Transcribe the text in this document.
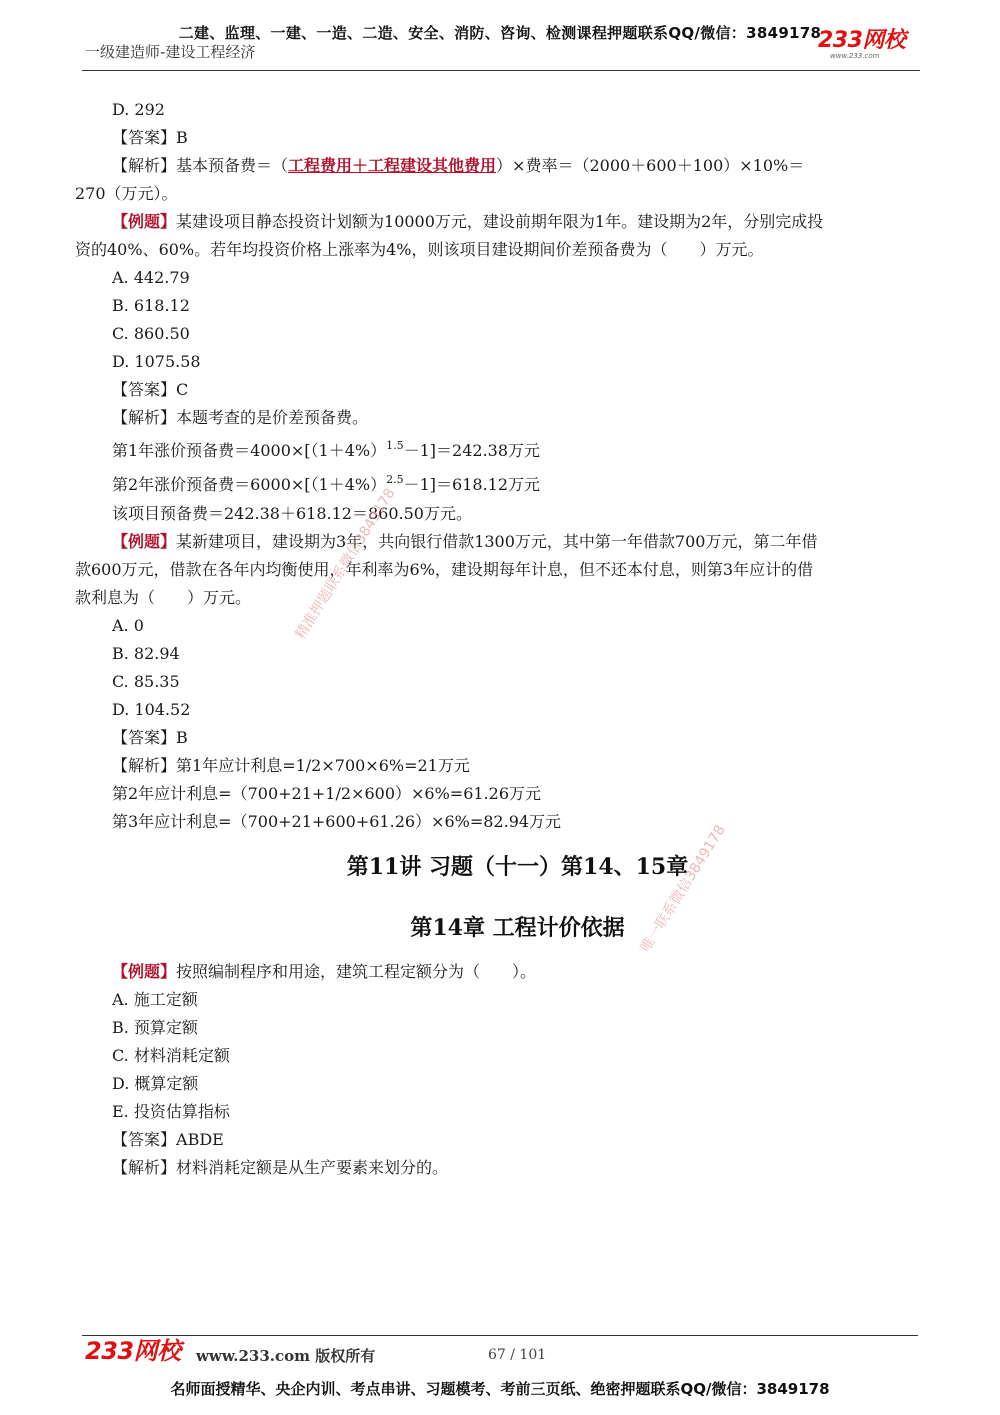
二建、监理、一建、一造、二造、安全、消防、咨询、检测课程押题联系QQ/微信：3849178
一级建造师-建设工程经济	233网校
www.233.com
D. 292
【答案】B
【解析】基本预备费＝（工程费用＋工程建设其他费用）×费率＝（2000＋600＋100）×10%＝
270（万元）。
【例题】某建设项目静态投资计划额为10000万元，建设前期年限为1年。建设期为2年，分别完成投
资的40%、60%。若年均投资价格上涨率为4%，则该项目建设期间价差预备费为（　　）万元。
A. 442.79
B. 618.12
C. 860.50
D. 1075.58
【答案】C
【解析】本题考查的是价差预备费。
第1年涨价预备费$=4000\times[(1+4\%)^{1.5}-1]=242.38$万元
第2年涨价预备费$=6000\times[(1+4\%)^{2.5}-1]=618.12$万元
该项目预备费＝242.38＋618.12＝860.50万元。
【例题】某新建项目，建设期为3年，共向银行借款1300万元，其中第一年借款700万元，第二年借
款600万元，借款在各年内均衡使用，年利率为6%，建设期每年计息，但不还本付息，则第3年应计的借
款利息为（　　）万元。
A. 0
B. 82.94
C. 85.35
D. 104.52
【答案】B
【解析】第1年应计利息=1/2×700×6%=21万元
第2年应计利息=（700+21+1/2×600）×6%=61.26万元
第3年应计利息=（700+21+600+61.26）×6%=82.94万元
第11讲 习题（十一）第14、15章
第14章 工程计价依据
【例题】按照编制程序和用途，建筑工程定额分为（　　）。
A. 施工定额
B. 预算定额
C. 材料消耗定额
D. 概算定额
E. 投资估算指标
【答案】ABDE
【解析】材料消耗定额是从生产要素来划分的。
精准押题联系微信3849178
唯一联系微信3849178
233网校 www.233.com 版权所有	67 / 101
名师面授精华、央企内训、考点串讲、习题模考、考前三页纸、绝密押题联系QQ/微信：3849178
